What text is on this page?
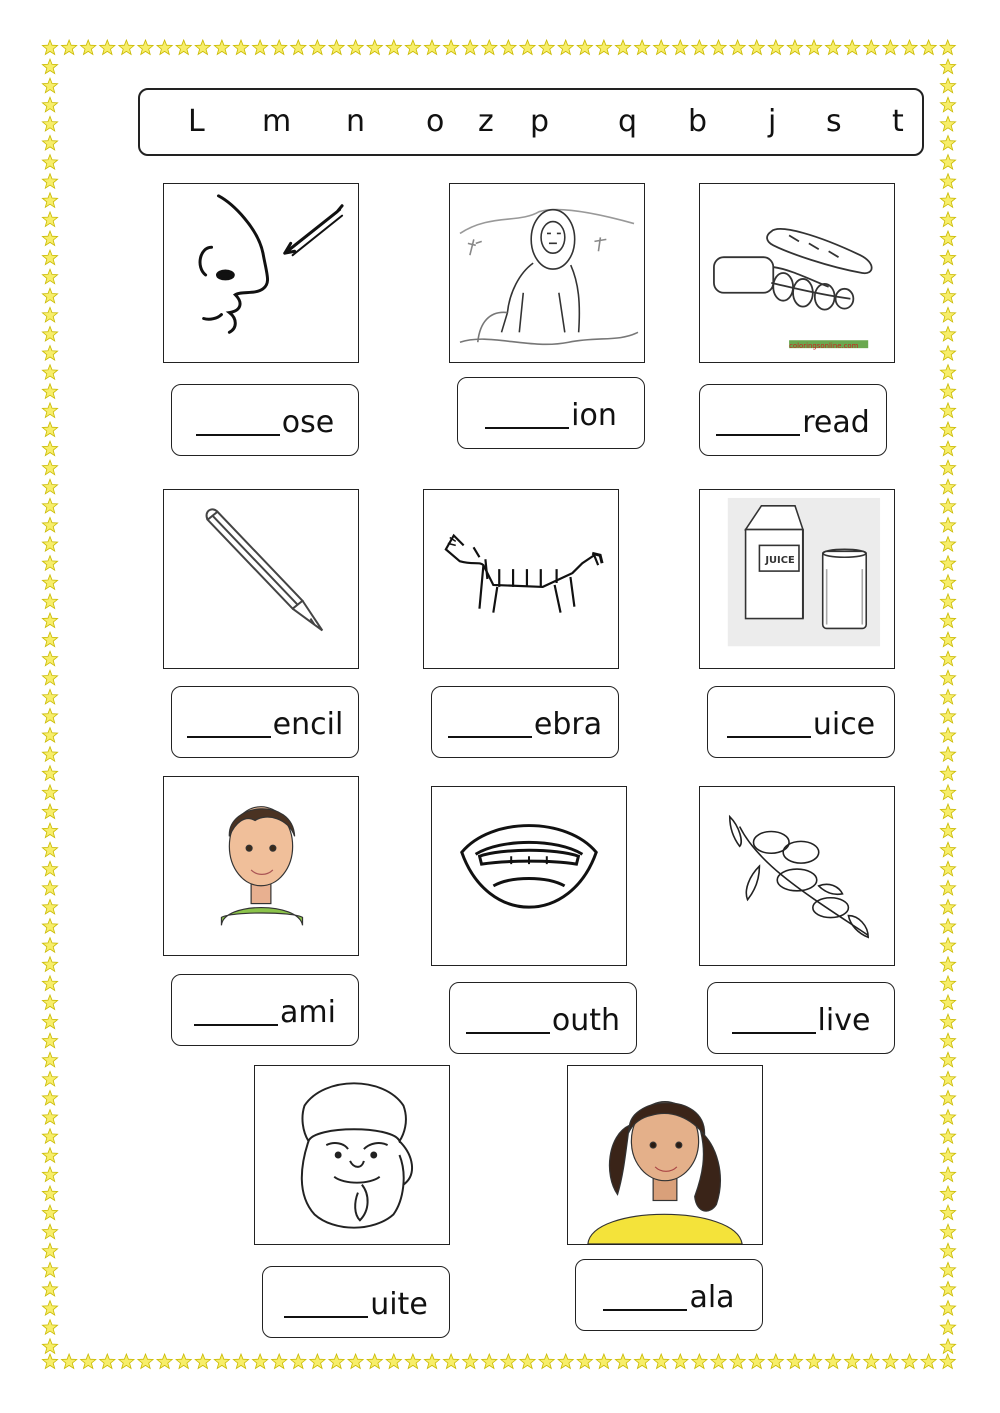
L m n o z p q b j s t
coloringsonline.com
ose	ion	read
JUICE
encil	ebra	uice
ami	outh	live
uite	ala
